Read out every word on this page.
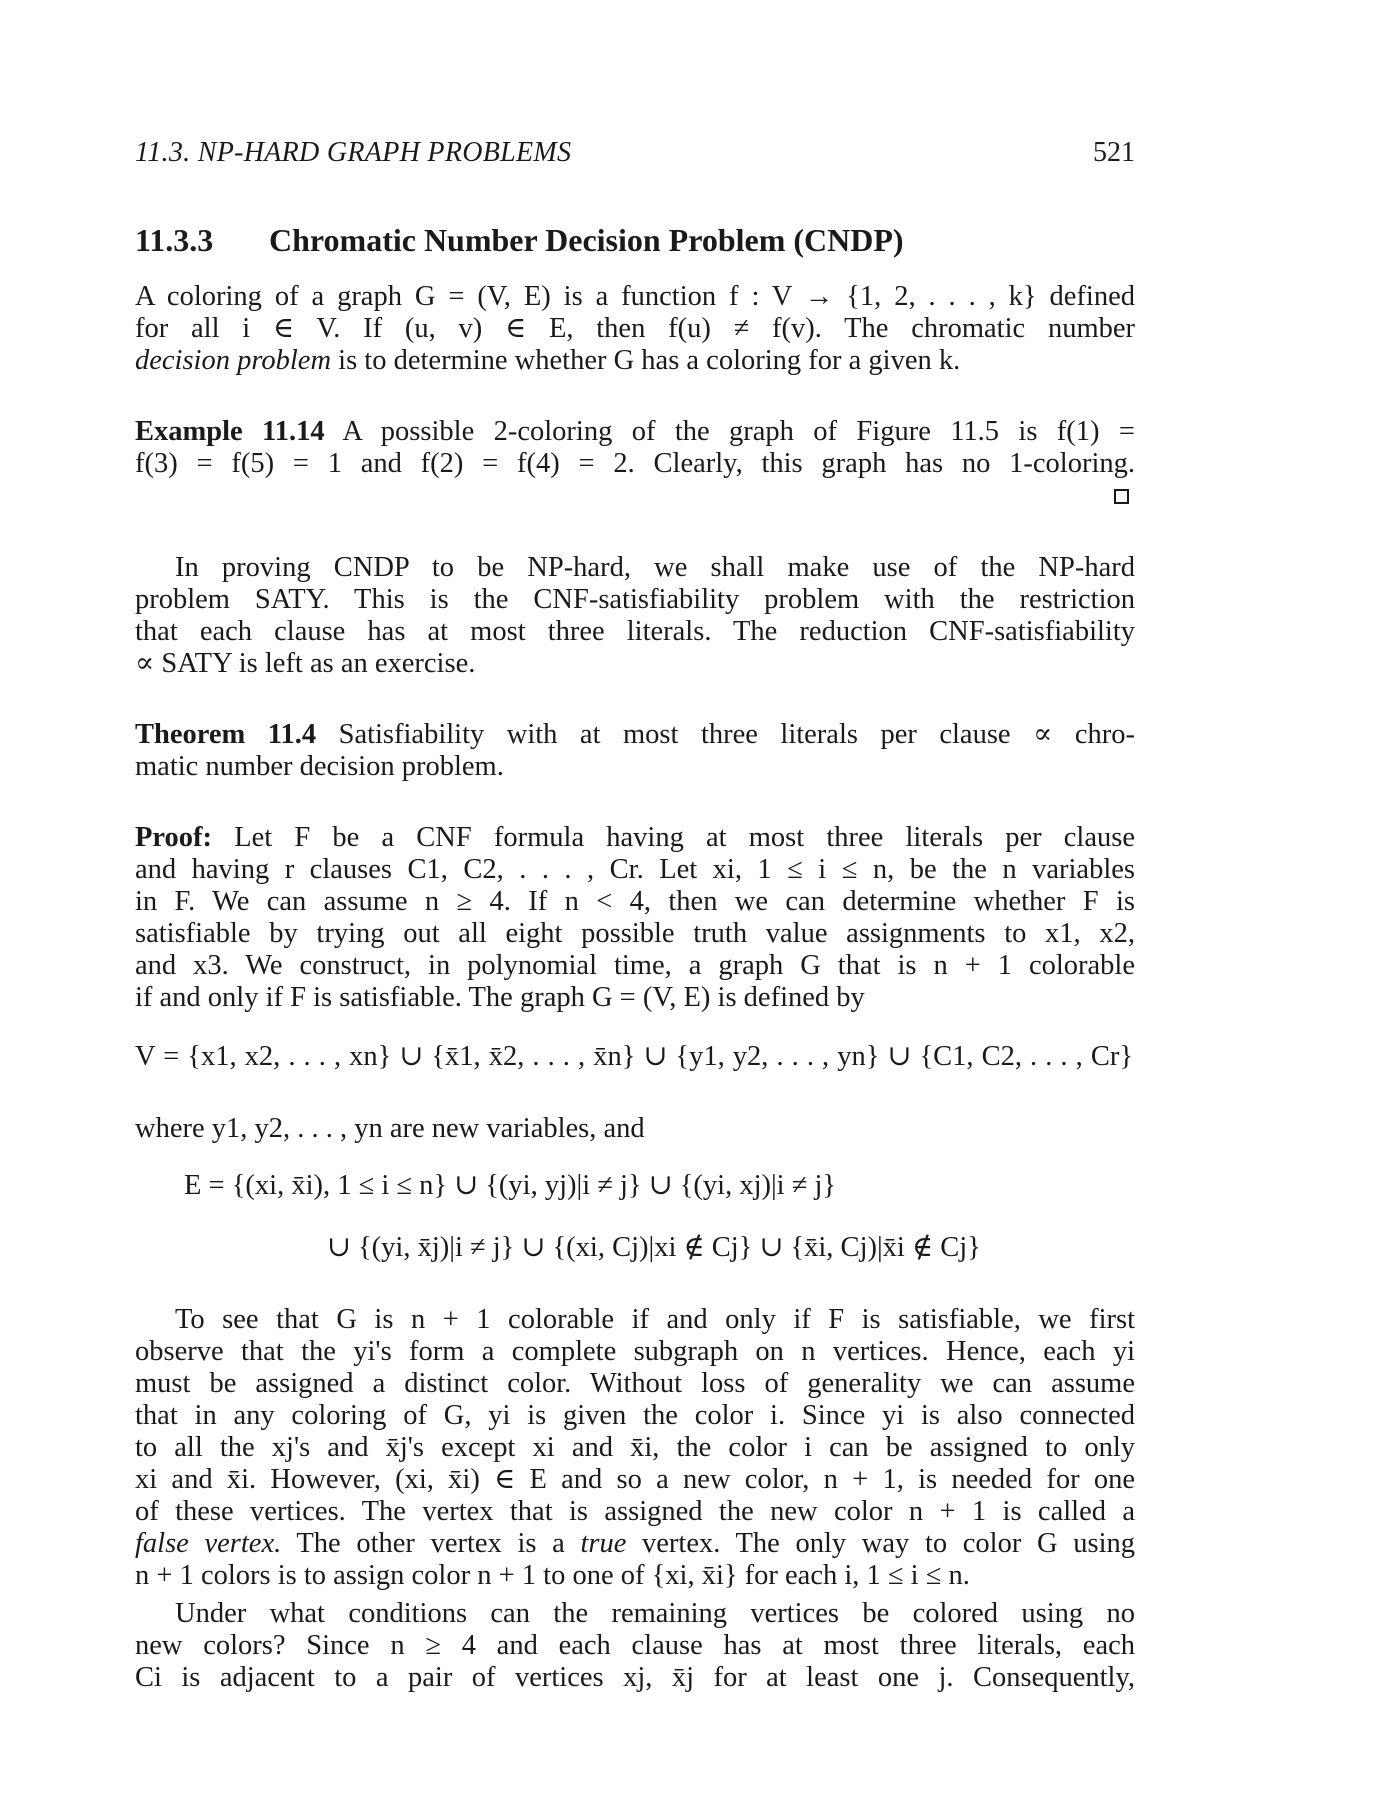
11.3. NP-HARD GRAPH PROBLEMS	521
11.3.3 Chromatic Number Decision Problem (CNDP)
A coloring of a graph G = (V, E) is a function f : V → {1, 2, . . . , k} defined
for all i ∈ V. If (u, v) ∈ E, then f(u) ≠ f(v). The chromatic number
decision problem is to determine whether G has a coloring for a given k.
Example 11.14 A possible 2-coloring of the graph of Figure 11.5 is f(1) =
f(3) = f(5) = 1 and f(2) = f(4) = 2. Clearly, this graph has no 1-coloring.
In proving CNDP to be NP-hard, we shall make use of the NP-hard
problem SATY. This is the CNF-satisfiability problem with the restriction
that each clause has at most three literals. The reduction CNF-satisfiability
∝ SATY is left as an exercise.
Theorem 11.4 Satisfiability with at most three literals per clause ∝ chro-
matic number decision problem.
Proof: Let F be a CNF formula having at most three literals per clause
and having r clauses C1, C2, . . . , Cr. Let xi, 1 ≤ i ≤ n, be the n variables
in F. We can assume n ≥ 4. If n < 4, then we can determine whether F is
satisfiable by trying out all eight possible truth value assignments to x1, x2,
and x3. We construct, in polynomial time, a graph G that is n + 1 colorable
if and only if F is satisfiable. The graph G = (V, E) is defined by
V = {x1, x2, . . . , xn} ∪ {x̄1, x̄2, . . . , x̄n} ∪ {y1, y2, . . . , yn} ∪ {C1, C2, . . . , Cr}
where y1, y2, . . . , yn are new variables, and
E = {(xi, x̄i), 1 ≤ i ≤ n} ∪ {(yi, yj)|i ≠ j} ∪ {(yi, xj)|i ≠ j}
∪ {(yi, x̄j)|i ≠ j} ∪ {(xi, Cj)|xi ∉ Cj} ∪ {x̄i, Cj)|x̄i ∉ Cj}
To see that G is n + 1 colorable if and only if F is satisfiable, we first
observe that the yi's form a complete subgraph on n vertices. Hence, each yi
must be assigned a distinct color. Without loss of generality we can assume
that in any coloring of G, yi is given the color i. Since yi is also connected
to all the xj's and x̄j's except xi and x̄i, the color i can be assigned to only
xi and x̄i. However, (xi, x̄i) ∈ E and so a new color, n + 1, is needed for one
of these vertices. The vertex that is assigned the new color n + 1 is called a
false vertex. The other vertex is a true vertex. The only way to color G using
n + 1 colors is to assign color n + 1 to one of {xi, x̄i} for each i, 1 ≤ i ≤ n.
Under what conditions can the remaining vertices be colored using no
new colors? Since n ≥ 4 and each clause has at most three literals, each
Ci is adjacent to a pair of vertices xj, x̄j for at least one j. Consequently,
